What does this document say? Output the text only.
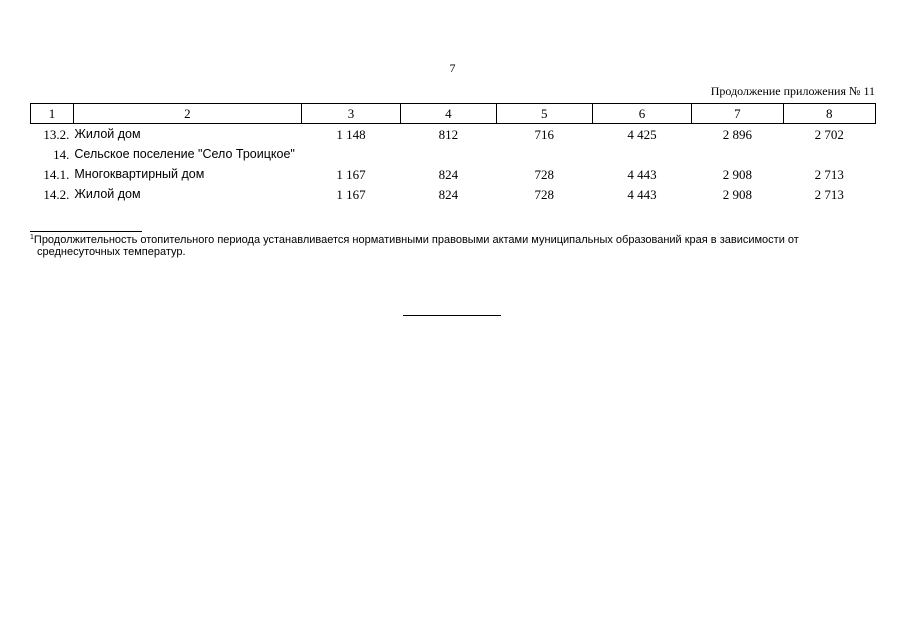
7
Продолжение приложения № 11
1	2	3	4	5	6	7	8
13.2.	Жилой дом	1 148	812	716	4 425	2 896	2 702
14.	Сельское поселение "Село Троицкое"						
14.1.	Многоквартирный дом	1 167	824	728	4 443	2 908	2 713
14.2.	Жилой дом	1 167	824	728	4 443	2 908	2 713
$^1$Продолжительность отопительного периода устанавливается нормативными правовыми актами муниципальных образований края в зависимости от
среднесуточных температур.
